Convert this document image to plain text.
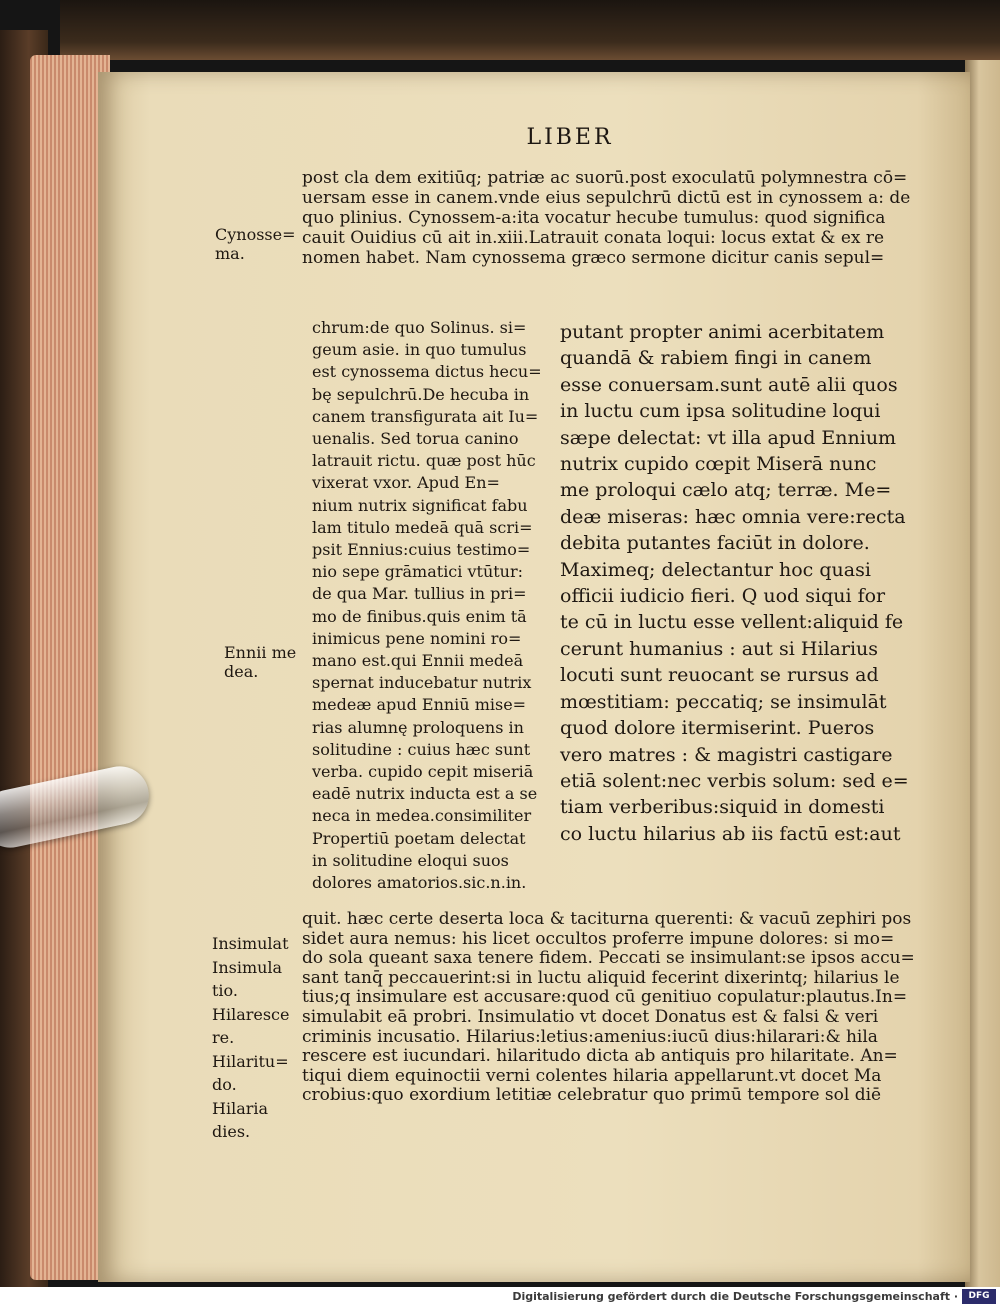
LIBER
post cla dem exitiūq; patriæ ac suorū.post exoculatū polymnestra cō=
uersam esse in canem.vnde eius sepulchrū dictū est in cynossem a: de
quo plinius. Cynossem-a:ita vocatur hecube tumulus: quod significa
cauit Ouidius cū ait in.xiii.Latrauit conata loqui: locus extat & ex re
nomen habet. Nam cynossema græco sermone dicitur canis sepul=
Cynosse=
ma.
chrum:de quo Solinus. si=
geum asie. in quo tumulus
est cynossema dictus hecu=
bę sepulchrū.De hecuba in
canem transfigurata ait Iu=
uenalis. Sed torua canino
latrauit rictu. quæ post hūc
vixerat vxor. Apud En=
nium nutrix significat fabu
lam titulo medeā quā scri=
psit Ennius:cuius testimo=
nio sepe grāmatici vtūtur:
de qua Mar. tullius in pri=
mo de finibus.quis enim tā
inimicus pene nomini ro=
mano est.qui Ennii medeā
spernat inducebatur nutrix
medeæ apud Enniū mise=
rias alumnę proloquens in
solitudine : cuius hæc sunt
verba. cupido cepit miseriā
eadē nutrix inducta est a se
neca in medea.consimiliter
Propertiū poetam delectat
in solitudine eloqui suos
dolores amatorios.sic.n.in.
Ennii me
dea.
putant propter animi acerbitatem
quandā & rabiem fingi in canem
esse conuersam.sunt autē alii quos
in luctu cum ipsa solitudine loqui
sæpe delectat: vt illa apud Ennium
nutrix cupido cœpit Miserā nunc
me proloqui cælo atq; terræ. Me=
deæ miseras: hæc omnia vere:recta
debita putantes faciūt in dolore.
Maximeq; delectantur hoc quasi
officii iudicio fieri. Q uod siqui for
te cū in luctu esse vellent:aliquid fe
cerunt humanius : aut si Hilarius
locuti sunt reuocant se rursus ad
mœstitiam: peccatiq; se insimulāt
quod dolore itermiserint. Pueros
vero matres : & magistri castigare
etiā solent:nec verbis solum: sed e=
tiam verberibus:siquid in domesti
co luctu hilarius ab iis factū est:aut
quit. hæc certe deserta loca & taciturna querenti: & vacuū zephiri pos
sidet aura nemus: his licet occultos proferre impune dolores: si mo=
do sola queant saxa tenere fidem. Peccati se insimulant:se ipsos accu=
sant tanq̄ peccauerint:si in luctu aliquid fecerint dixerintq; hilarius le
tius;q insimulare est accusare:quod cū genitiuo copulatur:plautus.In=
simulabit eā probri. Insimulatio vt docet Donatus est & falsi & veri
criminis incusatio. Hilarius:letius:amenius:iucū dius:hilarari:& hila
rescere est iucundari. hilaritudo dicta ab antiquis pro hilaritate. An=
tiqui diem equinoctii verni colentes hilaria appellarunt.vt docet Ma
crobius:quo exordium letitiæ celebratur quo primū tempore sol diē
Insimulat
Insimula
tio.
Hilaresce
re.
Hilaritu=
do.
Hilaria
dies.
Digitalisierung gefördert durch die Deutsche Forschungsgemeinschaft ·	DFG
